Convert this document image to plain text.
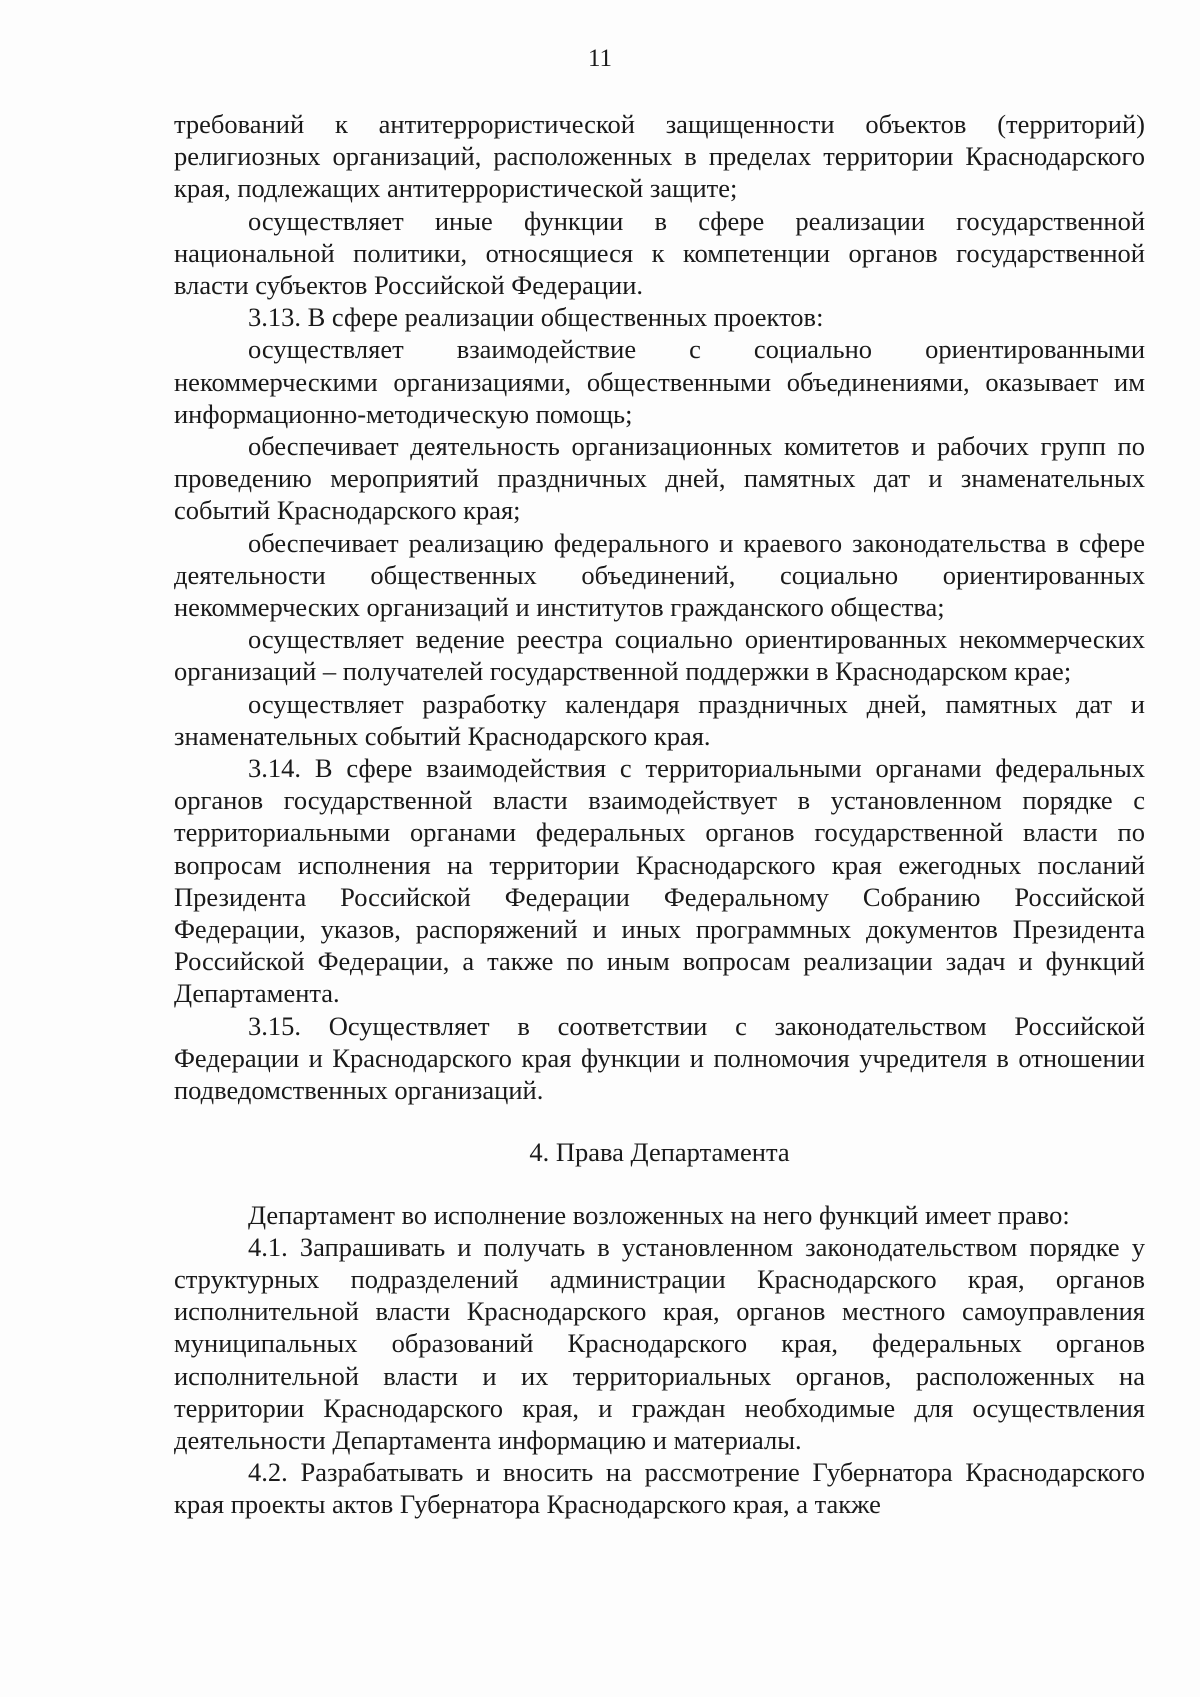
11

требований к антитеррористической защищенности объектов (территорий) религиозных организаций, расположенных в пределах территории Краснодарского края, подлежащих антитеррористической защите;

осуществляет иные функции в сфере реализации государственной национальной политики, относящиеся к компетенции органов государственной власти субъектов Российской Федерации.

3.13. В сфере реализации общественных проектов:

осуществляет взаимодействие с социально ориентированными некоммерческими организациями, общественными объединениями, оказывает им информационно-методическую помощь;

обеспечивает деятельность организационных комитетов и рабочих групп по проведению мероприятий праздничных дней, памятных дат и знаменательных событий Краснодарского края;

обеспечивает реализацию федерального и краевого законодательства в сфере деятельности общественных объединений, социально ориентированных некоммерческих организаций и институтов гражданского общества;

осуществляет ведение реестра социально ориентированных некоммерческих организаций – получателей государственной поддержки в Краснодарском крае;

осуществляет разработку календаря праздничных дней, памятных дат и знаменательных событий Краснодарского края.

3.14. В сфере взаимодействия с территориальными органами федеральных органов государственной власти взаимодействует в установленном порядке с территориальными органами федеральных органов государственной власти по вопросам исполнения на территории Краснодарского края ежегодных посланий Президента Российской Федерации Федеральному Собранию Российской Федерации, указов, распоряжений и иных программных документов Президента Российской Федерации, а также по иным вопросам реализации задач и функций Департамента.

3.15. Осуществляет в соответствии с законодательством Российской Федерации и Краснодарского края функции и полномочия учредителя в отношении подведомственных организаций.

4. Права Департамента

Департамент во исполнение возложенных на него функций имеет право:

4.1. Запрашивать и получать в установленном законодательством порядке у структурных подразделений администрации Краснодарского края, органов исполнительной власти Краснодарского края, органов местного самоуправления муниципальных образований Краснодарского края, федеральных органов исполнительной власти и их территориальных органов, расположенных на территории Краснодарского края, и граждан необходимые для осуществления деятельности Департамента информацию и материалы.

4.2. Разрабатывать и вносить на рассмотрение Губернатора Краснодарского края проекты актов Губернатора Краснодарского края, а также
